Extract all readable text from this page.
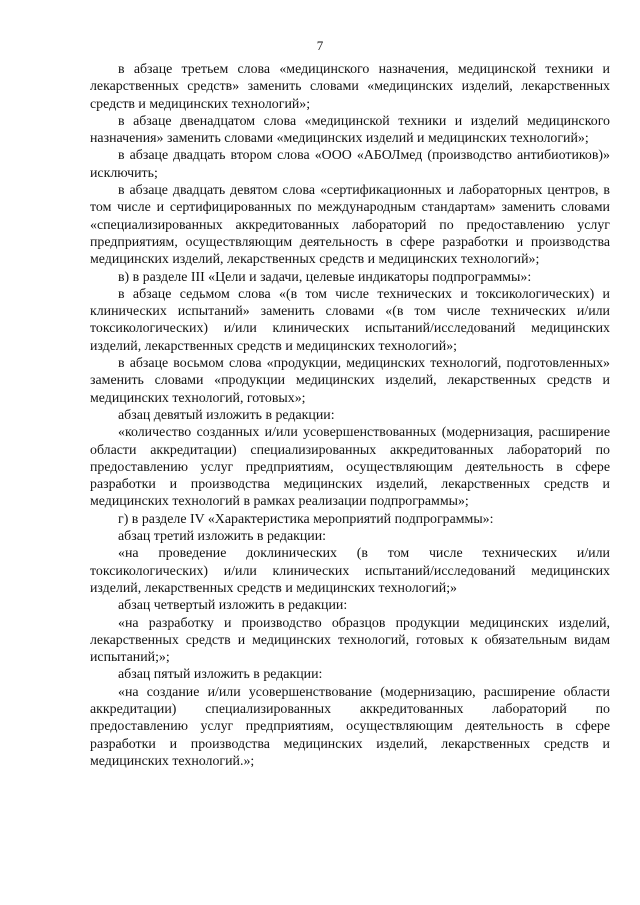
7

в абзаце третьем слова «медицинского назначения, медицинской техники и лекарственных средств» заменить словами «медицинских изделий, лекарственных средств и медицинских технологий»;

в абзаце двенадцатом слова «медицинской техники и изделий медицинского назначения» заменить словами «медицинских изделий и медицинских технологий»;

в абзаце двадцать втором слова «ООО «АБОЛмед (производство антибиотиков)» исключить;

в абзаце двадцать девятом слова «сертификационных и лабораторных центров, в том числе и сертифицированных по международным стандартам» заменить словами «специализированных аккредитованных лабораторий по предоставлению услуг предприятиям, осуществляющим деятельность в сфере разработки и производства медицинских изделий, лекарственных средств и медицинских технологий»;

в) в разделе III «Цели и задачи, целевые индикаторы подпрограммы»:

в абзаце седьмом слова «(в том числе технических и токсикологических) и клинических испытаний» заменить словами «(в том числе технических и/или токсикологических) и/или клинических испытаний/исследований медицинских изделий, лекарственных средств и медицинских технологий»;

в абзаце восьмом слова «продукции, медицинских технологий, подготовленных» заменить словами «продукции медицинских изделий, лекарственных средств и медицинских технологий, готовых»;

абзац девятый изложить в редакции:

«количество созданных и/или усовершенствованных (модернизация, расширение области аккредитации) специализированных аккредитованных лабораторий по предоставлению услуг предприятиям, осуществляющим деятельность в сфере разработки и производства медицинских изделий, лекарственных средств и медицинских технологий в рамках реализации подпрограммы»;

г) в разделе IV «Характеристика мероприятий подпрограммы»:

абзац третий изложить в редакции:

«на проведение доклинических (в том числе технических и/или токсикологических) и/или клинических испытаний/исследований медицинских изделий, лекарственных средств и медицинских технологий;»

абзац четвертый изложить в редакции:

«на разработку и производство образцов продукции медицинских изделий, лекарственных средств и медицинских технологий, готовых к обязательным видам испытаний;»;

абзац пятый изложить в редакции:

«на создание и/или усовершенствование (модернизацию, расширение области аккредитации) специализированных аккредитованных лабораторий по предоставлению услуг предприятиям, осуществляющим деятельность в сфере разработки и производства медицинских изделий, лекарственных средств и медицинских технологий.»;
